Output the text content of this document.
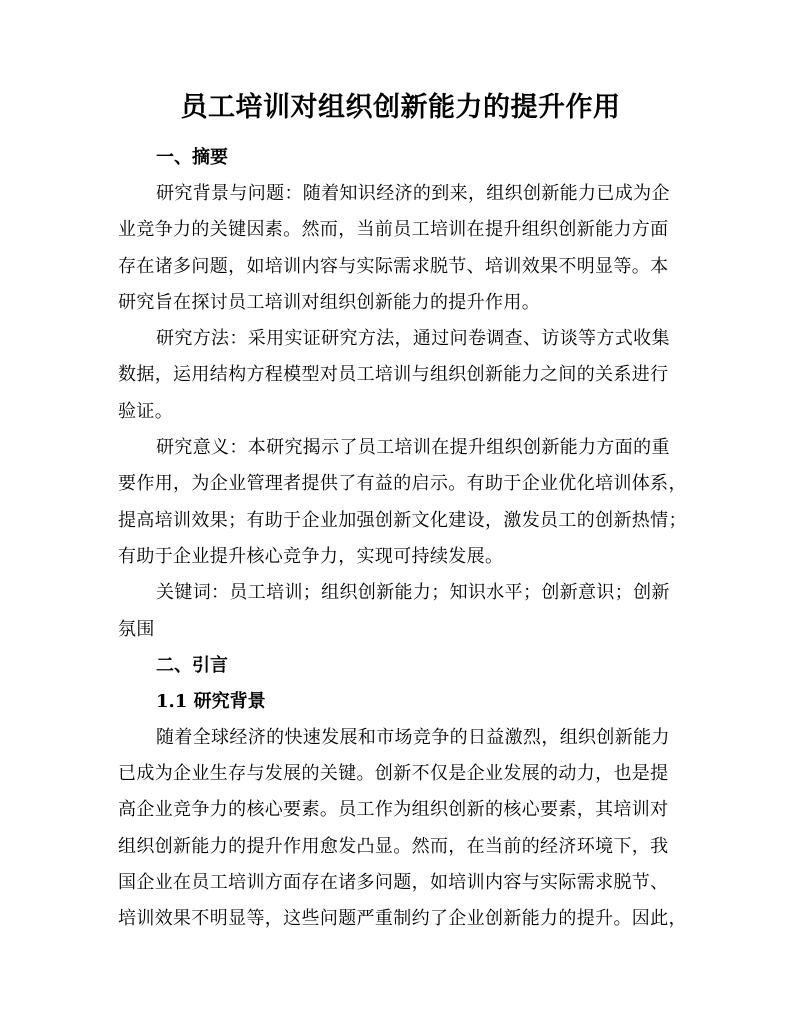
员工培训对组织创新能力的提升作用
一、摘要

研究背景与问题：随着知识经济的到来，组织创新能力已成为企
业竞争力的关键因素。然而，当前员工培训在提升组织创新能力方面
存在诸多问题，如培训内容与实际需求脱节、培训效果不明显等。本
研究旨在探讨员工培训对组织创新能力的提升作用。

研究方法：采用实证研究方法，通过问卷调查、访谈等方式收集
数据，运用结构方程模型对员工培训与组织创新能力之间的关系进行
验证。

研究意义：本研究揭示了员工培训在提升组织创新能力方面的重
要作用，为企业管理者提供了有益的启示。有助于企业优化培训体系，
提高培训效果；有助于企业加强创新文化建设，激发员工的创新热情；
有助于企业提升核心竞争力，实现可持续发展。

关键词：员工培训；组织创新能力；知识水平；创新意识；创新
氛围

二、引言
1.1 研究背景

随着全球经济的快速发展和市场竞争的日益激烈，组织创新能力
已成为企业生存与发展的关键。创新不仅是企业发展的动力，也是提
高企业竞争力的核心要素。员工作为组织创新的核心要素，其培训对
组织创新能力的提升作用愈发凸显。然而，在当前的经济环境下，我
国企业在员工培训方面存在诸多问题，如培训内容与实际需求脱节、
培训效果不明显等，这些问题严重制约了企业创新能力的提升。因此，
